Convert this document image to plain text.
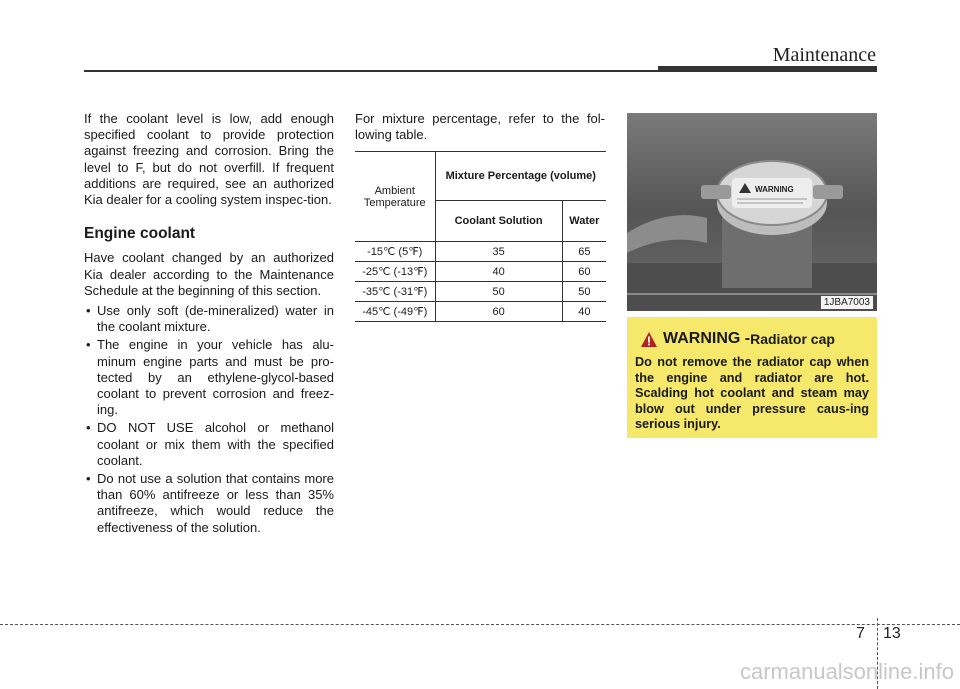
Maintenance

If the coolant level is low, add enough specified coolant to provide protection against freezing and corrosion. Bring the level to F, but do not overfill. If frequent additions are required, see an authorized Kia dealer for a cooling system inspec-tion.

Engine coolant

Have coolant changed by an authorized Kia dealer according to the Maintenance Schedule at the beginning of this section.

• Use only soft (de-mineralized) water in the coolant mixture.
• The engine in your vehicle has alu-minum engine parts and must be pro-tected by an ethylene-glycol-based coolant to prevent corrosion and freez-ing.
• DO NOT USE alcohol or methanol coolant or mix them with the specified coolant.
• Do not use a solution that contains more than 60% antifreeze or less than 35% antifreeze, which would reduce the effectiveness of the solution.
For mixture percentage, refer to the fol-lowing table.
Ambient Temperature	Mixture Percentage (volume)	
	Coolant Solution	Water
-15℃ (5℉)	35	65
-25℃ (-13℉)	40	60
-35℃ (-31℉)	50	50
-45℃ (-49℉)	60	40
WARNING
1JBA7003
WARNING - Radiator cap
Do not remove the radiator cap when the engine and radiator are hot. Scalding hot coolant and steam may blow out under pressure caus-ing serious injury.
7 13
carmanualsonline.info
